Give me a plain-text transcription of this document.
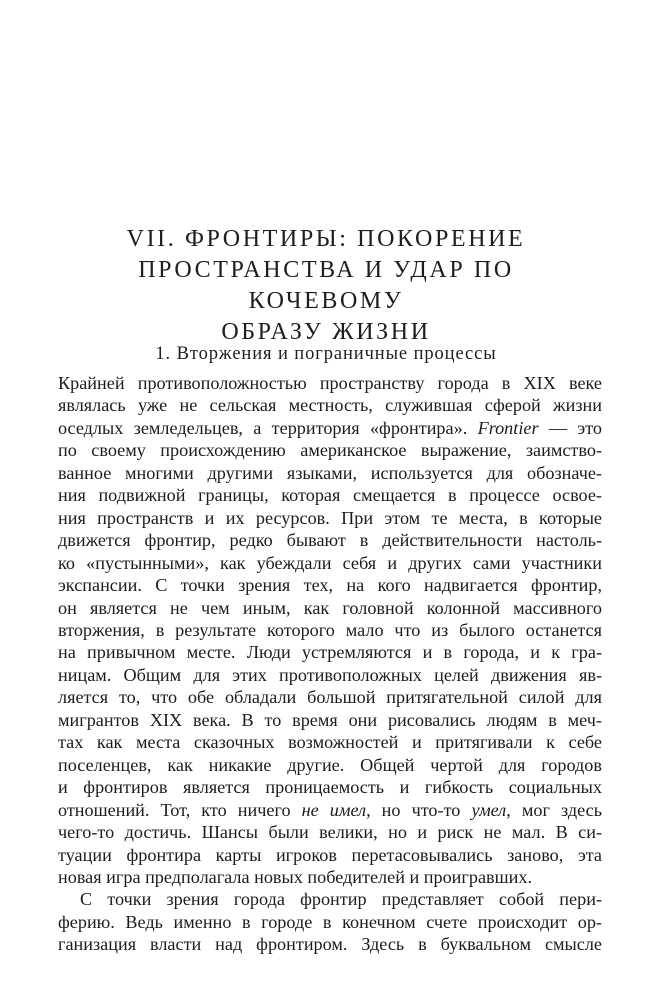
VII. ФРОНТИРЫ: ПОКОРЕНИЕ
ПРОСТРАНСТВА И УДАР ПО КОЧЕВОМУ
ОБРАЗУ ЖИЗНИ
1. Вторжения и пограничные процессы
Крайней противоположностью пространству города в XIX веке
являлась уже не сельская местность, служившая сферой жизни
оседлых земледельцев, а территория «фронтира». Frontier — это
по своему происхождению американское выражение, заимство-
ванное многими другими языками, используется для обозначе-
ния подвижной границы, которая смещается в процессе освое-
ния пространств и их ресурсов. При этом те места, в которые
движется фронтир, редко бывают в действительности настоль-
ко «пустынными», как убеждали себя и других сами участники
экспансии. С точки зрения тех, на кого надвигается фронтир,
он является не чем иным, как головной колонной массивного
вторжения, в результате которого мало что из былого останется
на привычном месте. Люди устремляются и в города, и к гра-
ницам. Общим для этих противоположных целей движения яв-
ляется то, что обе обладали большой притягательной силой для
мигрантов XIX века. В то время они рисовались людям в меч-
тах как места сказочных возможностей и притягивали к себе
поселенцев, как никакие другие. Общей чертой для городов
и фронтиров является проницаемость и гибкость социальных
отношений. Тот, кто ничего не имел, но что-то умел, мог здесь
чего-то достичь. Шансы были велики, но и риск не мал. В си-
туации фронтира карты игроков перетасовывались заново, эта
новая игра предполагала новых победителей и проигравших.
С точки зрения города фронтир представляет собой пери-
ферию. Ведь именно в городе в конечном счете происходит ор-
ганизация власти над фронтиром. Здесь в буквальном смысле
